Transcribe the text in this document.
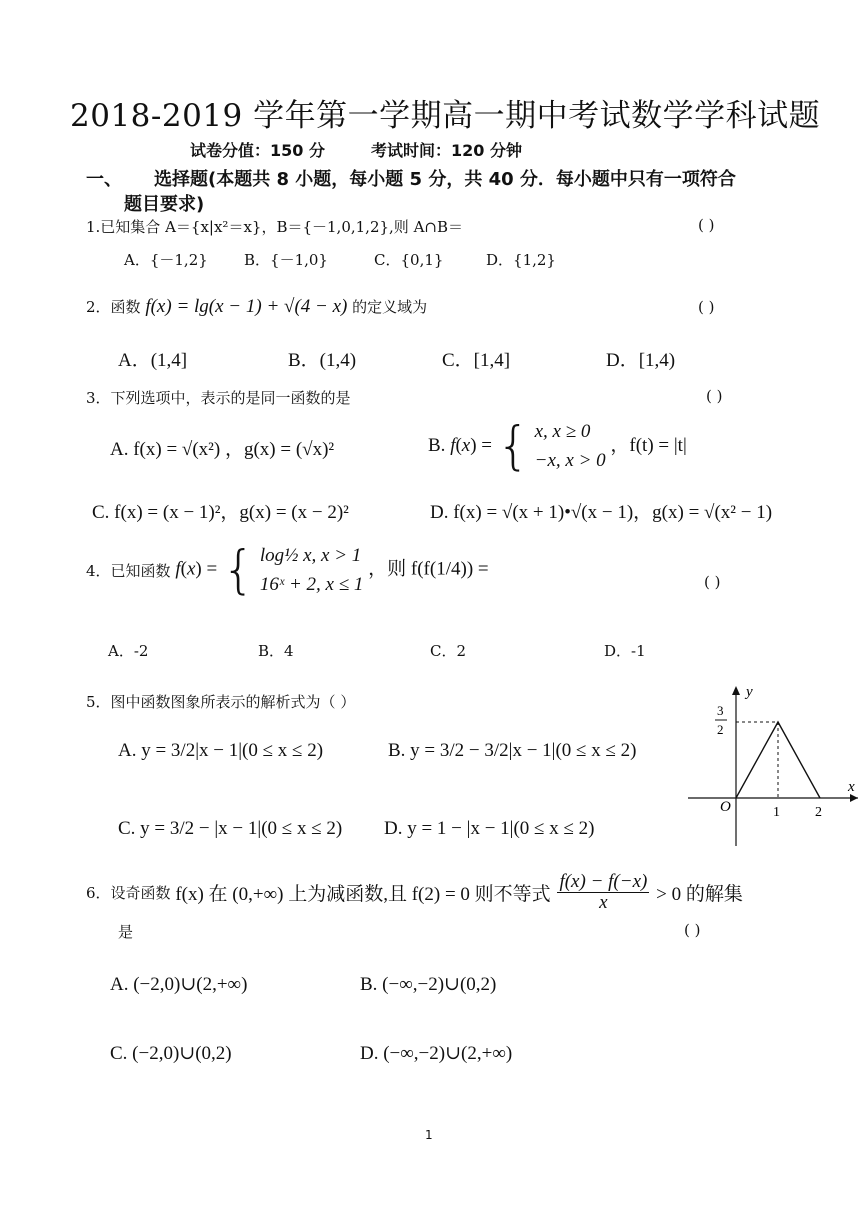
2018-2019 学年第一学期高一期中考试数学学科试题
试卷分值：150 分	考试时间：120 分钟
一、 选择题(本题共 8 小题，每小题 5 分，共 40 分．每小题中只有一项符合
题目要求)
1.已知集合 A＝{x|x²＝x}，B＝{－1,0,1,2},则 A∩B＝	( )
A．{－1,2} B．{－1,0}	C．{0,1}	D．{1,2}
2．函数 f(x) = lg(x − 1) + √(4 − x) 的定义域为	( )
A．(1,4]	B．(1,4)	C．[1,4]	D．[1,4)
3．下列选项中，表示的是同一函数的是	( )
A. f(x) = √(x²) ，g(x) = (√x)²	B. f(x) = { x, x ≥ 0
−x, x > 0
，f(t) = |t|
C. f(x) = (x − 1)²，g(x) = (x − 2)²	D. f(x) = √(x + 1)•√(x − 1)，g(x) = √(x² − 1)
4．已知函数 f(x) = { log½ x, x > 1
16ˣ + 2, x ≤ 1
，则 f(f(1/4)) =
( )
A．-2	B．4	C．2	D．-1
5．图中函数图象所表示的解析式为（ ）
A. y = 3/2|x − 1|(0 ≤ x ≤ 2)	B. y = 3/2 − 3/2|x − 1|(0 ≤ x ≤ 2)
C. y = 3/2 − |x − 1|(0 ≤ x ≤ 2) D. y = 1 − |x − 1|(0 ≤ x ≤ 2)
y
x
O	1	2
3
2
6．设奇函数 f(x) 在 (0,+∞) 上为减函数,且 f(2) = 0 则不等式 $\frac{f(x) - f(-x)}{x} > 0$ 的解集
是	( )
A. (−2,0)∪(2,+∞)	B. (−∞,−2)∪(0,2)
C. (−2,0)∪(0,2)	D. (−∞,−2)∪(2,+∞)
1
